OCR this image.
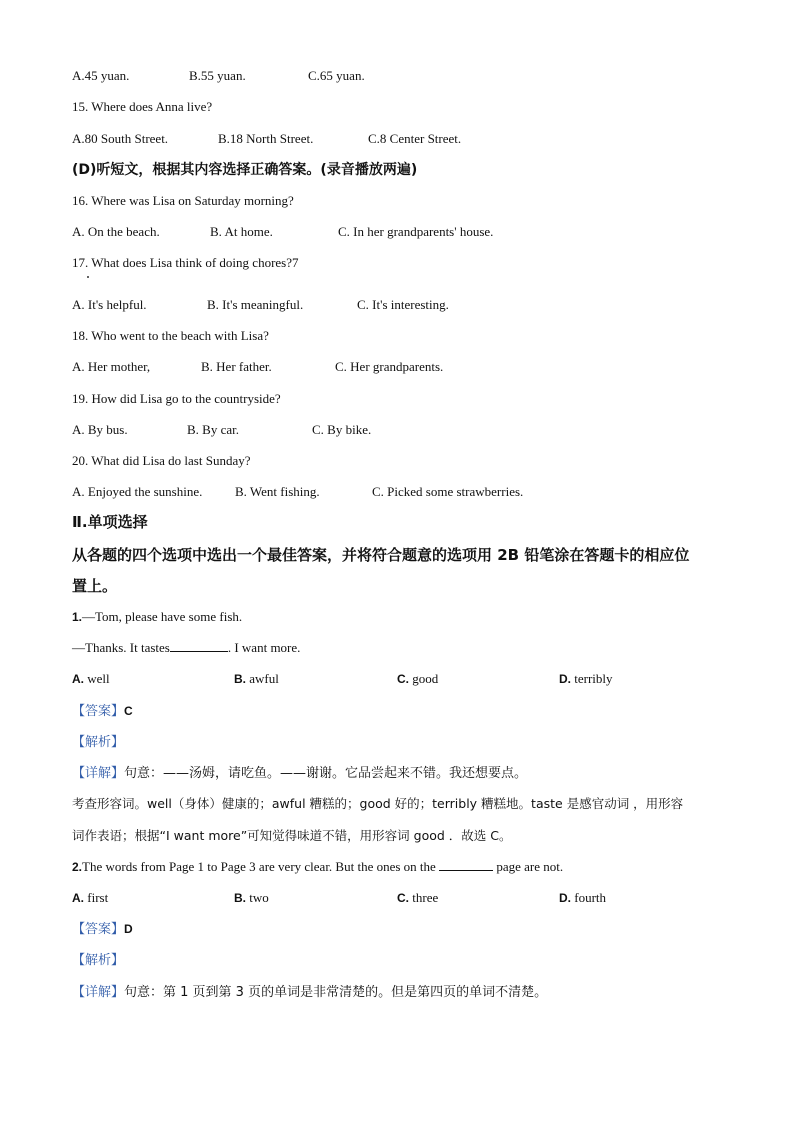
A.45 yuan.	B.55 yuan.	C.65 yuan.
15. Where does Anna live?
A.80 South Street.	B.18 North Street.	C.8 Center Street.
(D)听短文，根据其内容选择正确答案。(录音播放两遍)
16. Where was Lisa on Saturday morning?
A. On the beach.	B. At home.	C. In her grandparents' house.
17. What does Lisa think of doing chores?7
A. It's helpful.	B. It's meaningful.	C. It's interesting.
18. Who went to the beach with Lisa?
A. Her mother,	B. Her father.	C. Her grandparents.
19. How did Lisa go to the countryside?
A. By bus.	B. By car.	C. By bike.
20. What did Lisa do last Sunday?
A. Enjoyed the sunshine.	B. Went fishing.	C. Picked some strawberries.
Ⅱ.单项选择
从各题的四个选项中选出一个最佳答案，并将符合题意的选项用 2B 铅笔涂在答题卡的相应位
置上。
1.—Tom, please have some fish.
—Thanks. It tastes	. I want more.
A. well	B. awful	C. good	D. terribly
【答案】C
【解析】
【详解】句意：——汤姆，请吃鱼。——谢谢。它品尝起来不错。我还想要点。
考查形容词。well（身体）健康的；awful 糟糕的；good 好的；terribly 糟糕地。taste 是感官动词 ，用形容
词作表语；根据“I want more”可知觉得味道不错，用形容词 good ．故选 C。
2.The words from Page 1 to Page 3 are very clear. But the ones on the	page are not.
A. first	B. two	C. three	D. fourth
【答案】D
【解析】
【详解】句意：第 1 页到第 3 页的单词是非常清楚的。但是第四页的单词不清楚。
